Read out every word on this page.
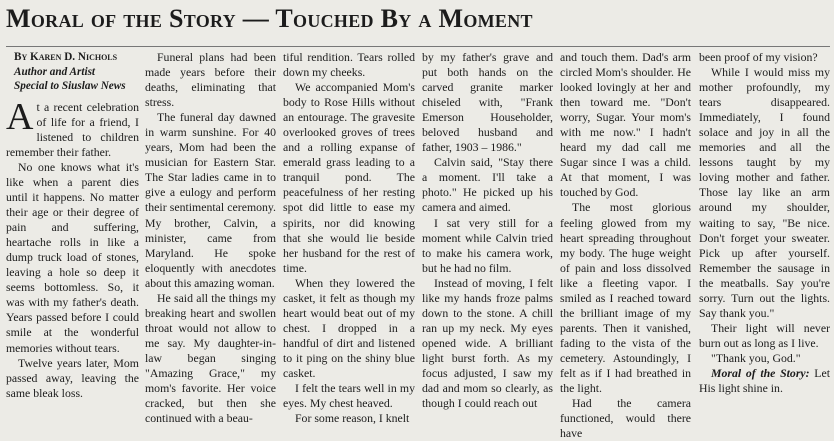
Moral of the Story — Touched By a Moment
By Karen D. Nichols
Author and Artist
Special to Siuslaw News

At a recent celebration of life for a friend, I listened to children remember their father.

No one knows what it's like when a parent dies until it happens. No matter their age or their degree of pain and suffering, heartache rolls in like a dump truck load of stones, leaving a hole so deep it seems bottomless. So, it was with my father's death. Years passed before I could smile at the wonderful memories without tears.

Twelve years later, Mom passed away, leaving the same bleak loss.

Funeral plans had been made years before their deaths, eliminating that stress.

The funeral day dawned in warm sunshine. For 40 years, Mom had been the musician for Eastern Star. The Star ladies came in to give a eulogy and perform their sentimental ceremony. My brother, Calvin, a minister, came from Maryland. He spoke eloquently with anecdotes about this amazing woman.

He said all the things my breaking heart and swollen throat would not allow to me say. My daughter-in-law began singing "Amazing Grace," my mom's favorite. Her voice cracked, but then she continued with a beau-

tiful rendition. Tears rolled down my cheeks.

We accompanied Mom's body to Rose Hills without an entourage. The gravesite overlooked groves of trees and a rolling expanse of emerald grass leading to a tranquil pond. The peacefulness of her resting spot did little to ease my spirits, nor did knowing that she would lie beside her husband for the rest of time.

When they lowered the casket, it felt as though my heart would beat out of my chest. I dropped in a handful of dirt and listened to it ping on the shiny blue casket.

I felt the tears well in my eyes. My chest heaved.

For some reason, I knelt

by my father's grave and put both hands on the carved granite marker chiseled with, "Frank Emerson Householder, beloved husband and father, 1903 – 1986."

Calvin said, "Stay there a moment. I'll take a photo." He picked up his camera and aimed.

I sat very still for a moment while Calvin tried to make his camera work, but he had no film.

Instead of moving, I felt like my hands froze palms down to the stone. A chill ran up my neck. My eyes opened wide. A brilliant light burst forth. As my focus adjusted, I saw my dad and mom so clearly, as though I could reach out

and touch them. Dad's arm circled Mom's shoulder. He looked lovingly at her and then toward me. "Don't worry, Sugar. Your mom's with me now." I hadn't heard my dad call me Sugar since I was a child. At that moment, I was touched by God.

The most glorious feeling glowed from my heart spreading throughout my body. The huge weight of pain and loss dissolved like a fleeting vapor. I smiled as I reached toward the brilliant image of my parents. Then it vanished, fading to the vista of the cemetery. Astoundingly, I felt as if I had breathed in the light.

Had the camera functioned, would there have

been proof of my vision?

While I would miss my mother profoundly, my tears disappeared. Immediately, I found solace and joy in all the memories and all the lessons taught by my loving mother and father. Those lay like an arm around my shoulder, waiting to say, "Be nice. Don't forget your sweater. Pick up after yourself. Remember the sausage in the meatballs. Say you're sorry. Turn out the lights. Say thank you."

Their light will never burn out as long as I live.

"Thank you, God."

Moral of the Story: Let His light shine in.
